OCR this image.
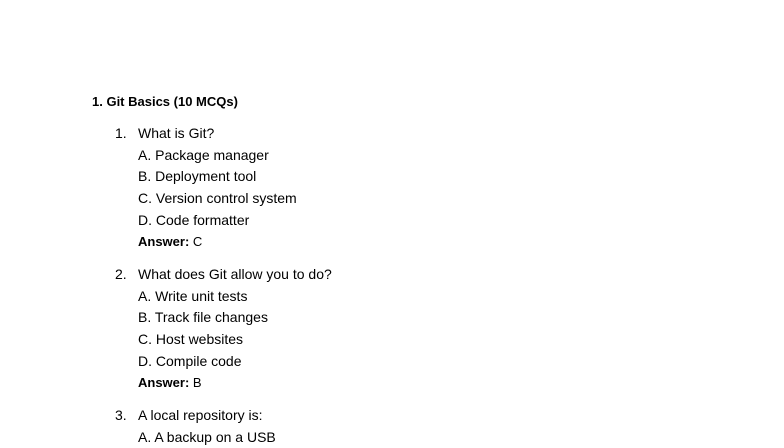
1. Git Basics (10 MCQs)
1. What is Git?
A. Package manager
B. Deployment tool
C. Version control system
D. Code formatter
Answer: C
2. What does Git allow you to do?
A. Write unit tests
B. Track file changes
C. Host websites
D. Compile code
Answer: B
3. A local repository is:
A. A backup on a USB
